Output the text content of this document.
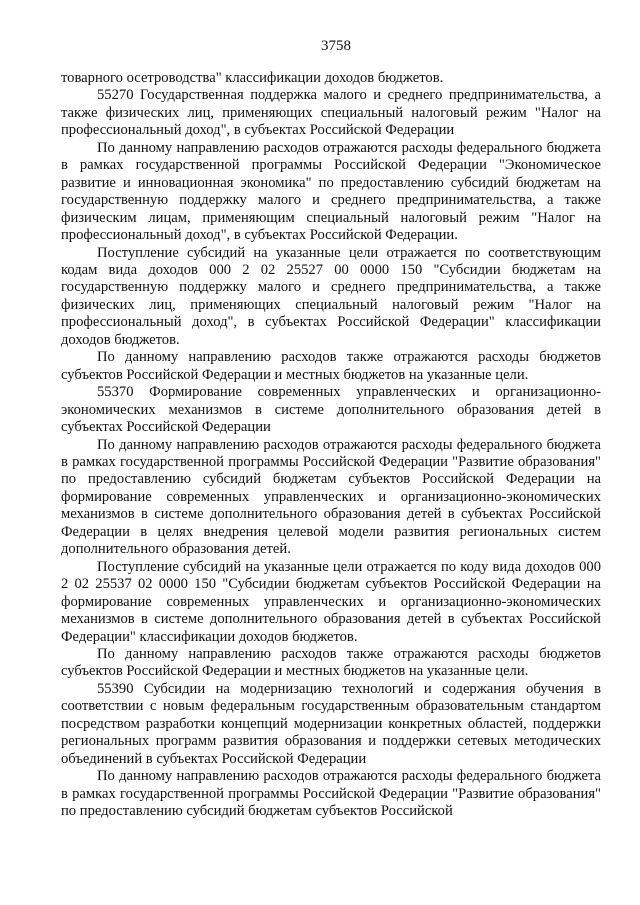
3758

товарного осетроводства" классификации доходов бюджетов.

55270 Государственная поддержка малого и среднего предпринимательства, а также физических лиц, применяющих специальный налоговый режим "Налог на профессиональный доход", в субъектах Российской Федерации

По данному направлению расходов отражаются расходы федерального бюджета в рамках государственной программы Российской Федерации "Экономическое развитие и инновационная экономика" по предоставлению субсидий бюджетам на государственную поддержку малого и среднего предпринимательства, а также физическим лицам, применяющим специальный налоговый режим "Налог на профессиональный доход", в субъектах Российской Федерации.

Поступление субсидий на указанные цели отражается по соответствующим кодам вида доходов 000 2 02 25527 00 0000 150 "Субсидии бюджетам на государственную поддержку малого и среднего предпринимательства, а также физических лиц, применяющих специальный налоговый режим "Налог на профессиональный доход", в субъектах Российской Федерации" классификации доходов бюджетов.

По данному направлению расходов также отражаются расходы бюджетов субъектов Российской Федерации и местных бюджетов на указанные цели.

55370 Формирование современных управленческих и организационно-экономических механизмов в системе дополнительного образования детей в субъектах Российской Федерации

По данному направлению расходов отражаются расходы федерального бюджета в рамках государственной программы Российской Федерации "Развитие образования" по предоставлению субсидий бюджетам субъектов Российской Федерации на формирование современных управленческих и организационно-экономических механизмов в системе дополнительного образования детей в субъектах Российской Федерации в целях внедрения целевой модели развития региональных систем дополнительного образования детей.

Поступление субсидий на указанные цели отражается по коду вида доходов 000 2 02 25537 02 0000 150 "Субсидии бюджетам субъектов Российской Федерации на формирование современных управленческих и организационно-экономических механизмов в системе дополнительного образования детей в субъектах Российской Федерации" классификации доходов бюджетов.

По данному направлению расходов также отражаются расходы бюджетов субъектов Российской Федерации и местных бюджетов на указанные цели.

55390 Субсидии на модернизацию технологий и содержания обучения в соответствии с новым федеральным государственным образовательным стандартом посредством разработки концепций модернизации конкретных областей, поддержки региональных программ развития образования и поддержки сетевых методических объединений в субъектах Российской Федерации

По данному направлению расходов отражаются расходы федерального бюджета в рамках государственной программы Российской Федерации "Развитие образования" по предоставлению субсидий бюджетам субъектов Российской
